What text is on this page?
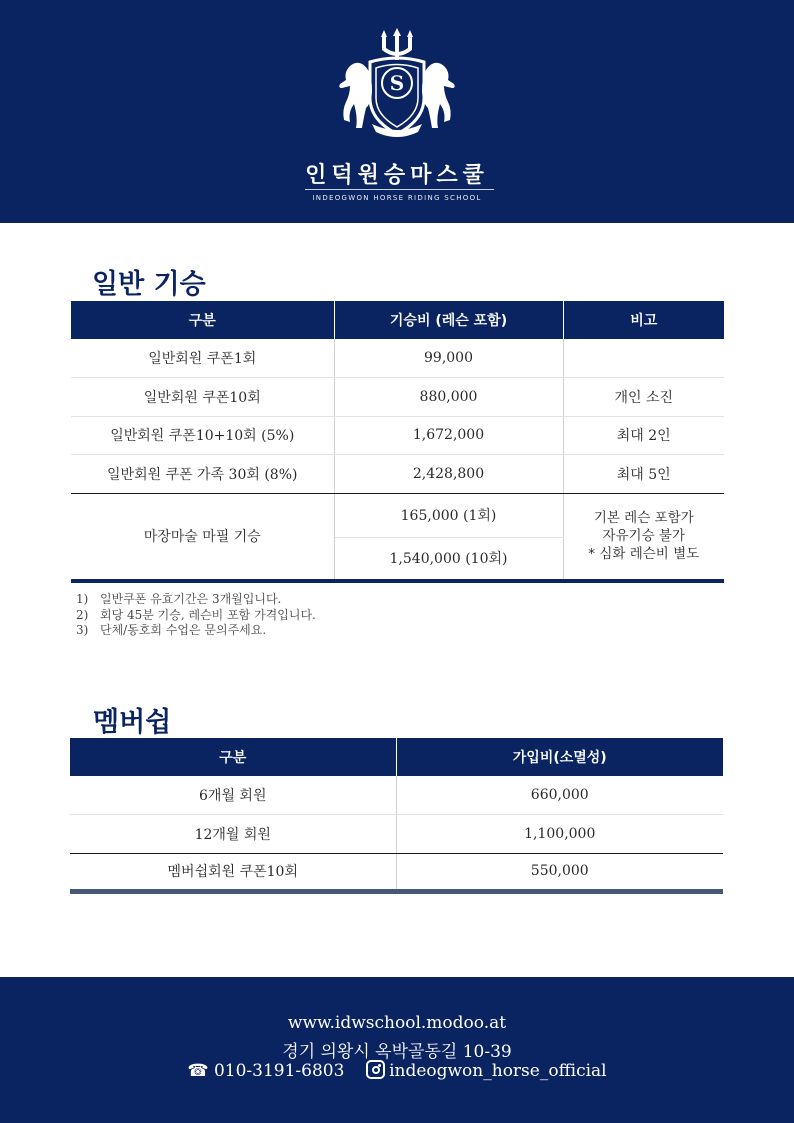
S
인덕원승마스쿨
INDEOGWON HORSE RIDING SCHOOL
일반 기승
구분	기승비 (레슨 포함)	비고
일반회원 쿠폰1회	99,000	
일반회원 쿠폰10회	880,000	개인 소진
일반회원 쿠폰10+10회 (5%)	1,672,000	최대 2인
일반회원 쿠폰 가족 30회 (8%)	2,428,800	최대 5인
마장마술 마필 기승	165,000 (1회)	기본 레슨 포함가
자유기승 불가
* 심화 레슨비 별도

	1,540,000 (10회)	
1) 일반쿠폰 유효기간은 3개월입니다.
2) 회당 45분 기승, 레슨비 포함 가격입니다.
3) 단체/동호회 수업은 문의주세요.
멤버쉽
구분	가입비(소멸성)
6개월 회원	660,000
12개월 회원	1,100,000
멤버쉽회원 쿠폰10회	550,000
www.idwschool.modoo.at
경기 의왕시 옥박골동길 10-39
☎ 010-3191-6803	indeogwon_horse_official
